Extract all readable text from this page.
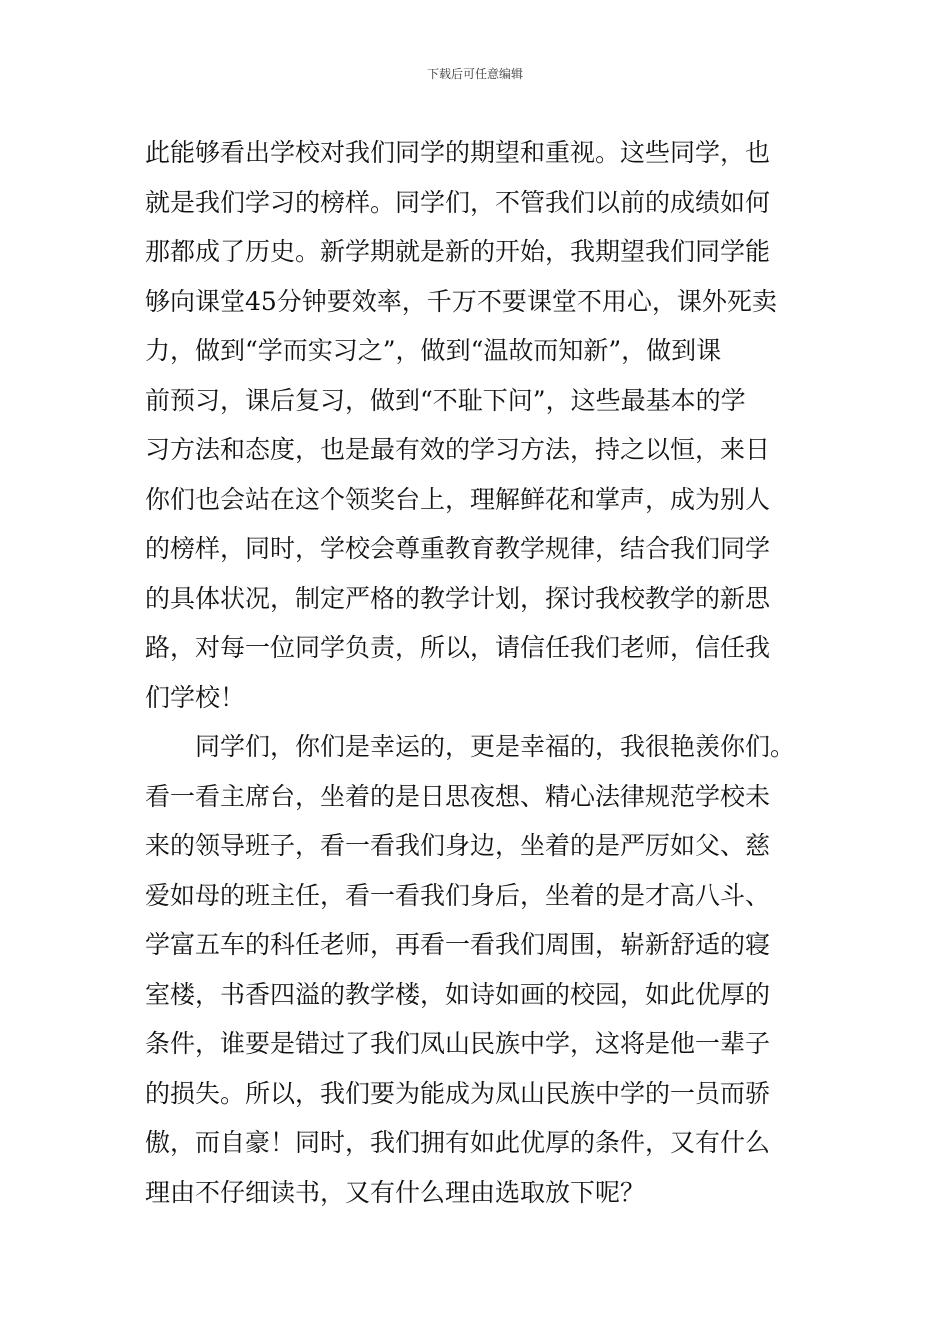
下载后可任意编辑
此能够看出学校对我们同学的期望和重视。这些同学，也
就是我们学习的榜样。同学们，不管我们以前的成绩如何
那都成了历史。新学期就是新的开始，我期望我们同学能
够向课堂45分钟要效率，千万不要课堂不用心，课外死卖
力，做到“学而实习之”，做到“温故而知新”，做到课
前预习，课后复习，做到“不耻下问”，这些最基本的学
习方法和态度，也是最有效的学习方法，持之以恒，来日
你们也会站在这个领奖台上，理解鲜花和掌声，成为别人
的榜样，同时，学校会尊重教育教学规律，结合我们同学
的具体状况，制定严格的教学计划，探讨我校教学的新思
路，对每一位同学负责，所以，请信任我们老师，信任我
们学校！
　　同学们，你们是幸运的，更是幸福的，我很艳羡你们。
看一看主席台，坐着的是日思夜想、精心法律规范学校未
来的领导班子，看一看我们身边，坐着的是严厉如父、慈
爱如母的班主任，看一看我们身后，坐着的是才高八斗、
学富五车的科任老师，再看一看我们周围，崭新舒适的寝
室楼，书香四溢的教学楼，如诗如画的校园，如此优厚的
条件，谁要是错过了我们凤山民族中学，这将是他一辈子
的损失。所以，我们要为能成为凤山民族中学的一员而骄
傲，而自豪！同时，我们拥有如此优厚的条件，又有什么
理由不仔细读书，又有什么理由选取放下呢？
